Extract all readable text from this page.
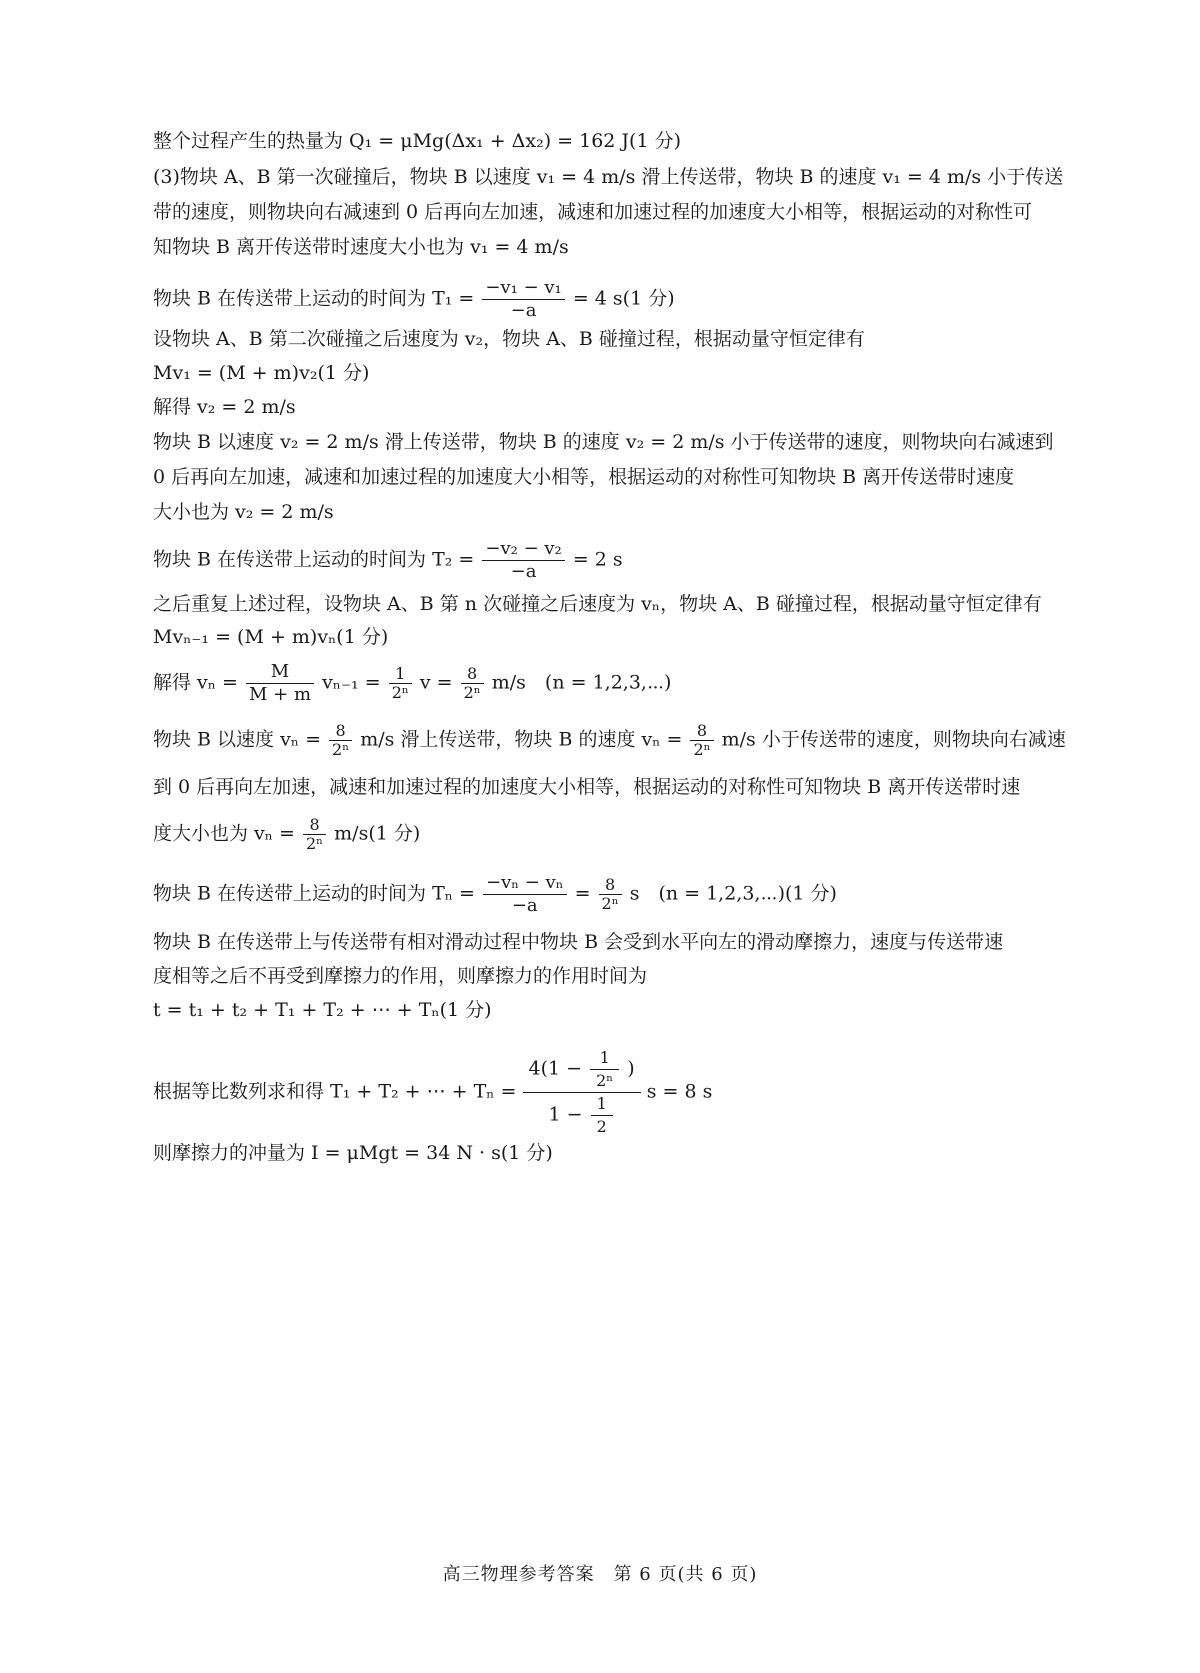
整个过程产生的热量为 Q₁ = μMg(Δx₁ + Δx₂) = 162 J(1 分)
(3)物块 A、B 第一次碰撞后，物块 B 以速度 v₁ = 4 m/s 滑上传送带，物块 B 的速度 v₁ = 4 m/s 小于传送
带的速度，则物块向右减速到 0 后再向左加速，减速和加速过程的加速度大小相等，根据运动的对称性可
知物块 B 离开传送带时速度大小也为 v₁ = 4 m/s
物块 B 在传送带上运动的时间为 $T_1 = \frac{\text{−v₁ − v₁}}{-a} = 4$ s(1 分)
设物块 A、B 第二次碰撞之后速度为 v₂，物块 A、B 碰撞过程，根据动量守恒定律有
Mv₁ = (M + m)v₂(1 分)
解得 v₂ = 2 m/s
物块 B 以速度 v₂ = 2 m/s 滑上传送带，物块 B 的速度 v₂ = 2 m/s 小于传送带的速度，则物块向右减速到
0 后再向左加速，减速和加速过程的加速度大小相等，根据运动的对称性可知物块 B 离开传送带时速度
大小也为 v₂ = 2 m/s
物块 B 在传送带上运动的时间为 $T_2 = \frac{\text{−v₂ − v₂}}{-a} = 2$ s
之后重复上述过程，设物块 A、B 第 n 次碰撞之后速度为 vₙ，物块 A、B 碰撞过程，根据动量守恒定律有
Mvₙ₋₁ = (M + m)vₙ(1 分)
解得 $v_n = \frac{M}{M + m} v_{n-1} = \frac{1}{\text{2ⁿ}}$ $v = \frac{8}{\text{2ⁿ}} m/s$　(n = 1,2,3,⋯)
物块 B 以速度 $v_n = \frac{8}{\text{2ⁿ}} m/s$ 滑上传送带，物块 B 的速度 $v_n = \frac{8}{\text{2ⁿ}} m/s$ 小于传送带的速度，则物块向右减速
到 0 后再向左加速，减速和加速过程的加速度大小相等，根据运动的对称性可知物块 B 离开传送带时速
度大小也为 $v_n = \frac{8}{\text{2ⁿ}} m/s(1$ 分)
物块 B 在传送带上运动的时间为 $T_n = \frac{\text{−vₙ − vₙ}}{-a} = \frac{8}{\text{2ⁿ}}$ s　(n = 1,2,3,⋯)(1 分)
物块 B 在传送带上与传送带有相对滑动过程中物块 B 会受到水平向左的滑动摩擦力，速度与传送带速
度相等之后不再受到摩擦力的作用，则摩擦力的作用时间为
t = t₁ + t₂ + T₁ + T₂ + ⋯ + Tₙ(1 分)
根据等比数列求和得 T₁ + T₂ + ⋯ + $T_n = \frac{4(1 - \frac{1}{\text{2ⁿ}} )}{1 - \frac{1}{2}}$ s = 8 s
则摩擦力的冲量为 I = μMgt = 34 N · s(1 分)
高三物理参考答案　第 6 页(共 6 页)
